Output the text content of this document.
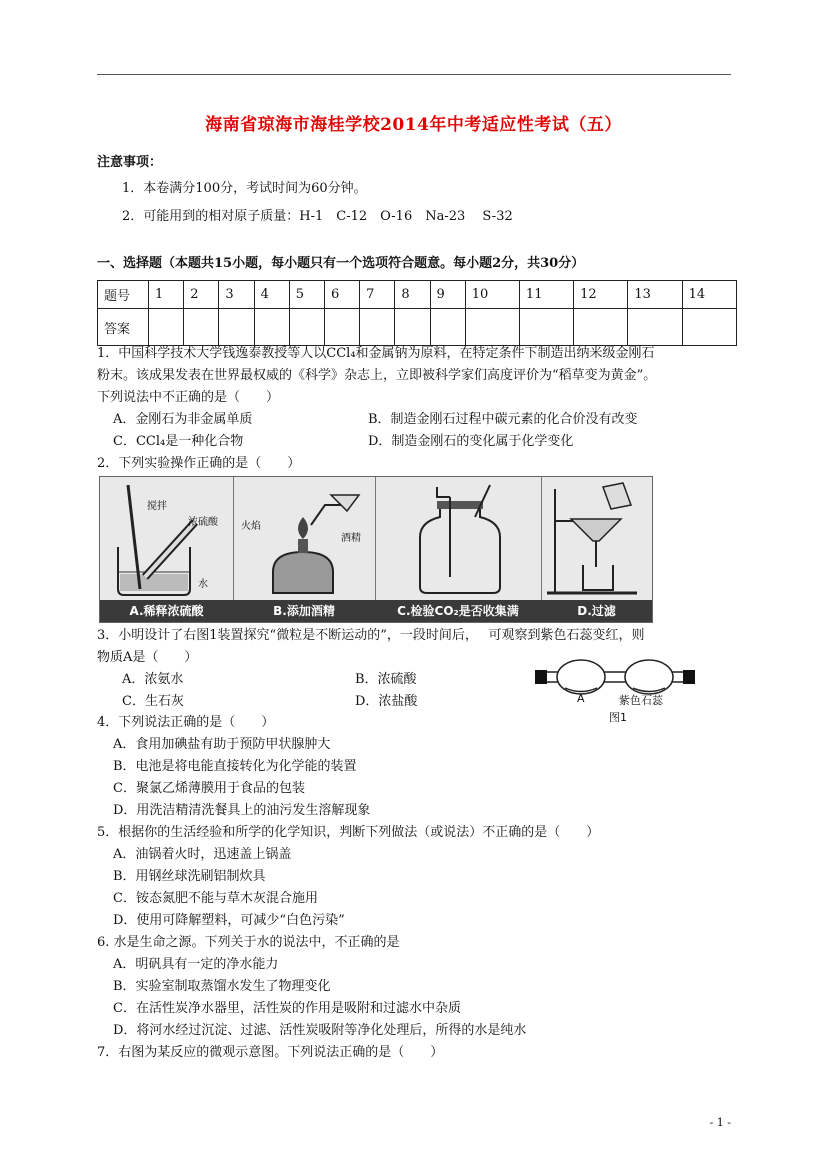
海南省琼海市海桂学校2014年中考适应性考试（五）
注意事项：
1．本卷满分100分，考试时间为60分钟。
2．可能用到的相对原子质量：H-1　C-12　O-16　Na-23　 S-32
一、选择题（本题共15小题，每小题只有一个选项符合题意。每小题2分，共30分）
题号	1	2	3	4	5	6	7	8	9	10	11	12	13	14
答案														
1．中国科学技术大学钱逸泰教授等人以CCl₄和金属钠为原料，在特定条件下制造出纳米级金刚石
粉末。该成果发表在世界最权威的《科学》杂志上，立即被科学家们高度评价为“稻草变为黄金”。
下列说法中不正确的是（　　）
A．金刚石为非金属单质	B．制造金刚石过程中碳元素的化合价没有改变
C．CCl₄是一种化合物	D．制造金刚石的变化属于化学变化
2．下列实验操作正确的是（　　）
搅拌
浓硫酸
水
A.稀释浓硫酸
火焰
酒精
B.添加酒精	C.检验CO₂是否收集满	D.过滤
3．小明设计了右图1装置探究“微粒是不断运动的”，一段时间后，　 可观察到紫色石蕊变红，则
物质A是（　　）
A．浓氨水	B．浓硫酸
C．生石灰	D．浓盐酸	A	紫色石蕊
图1
4．下列说法正确的是（　　）
A．食用加碘盐有助于预防甲状腺肿大
B．电池是将电能直接转化为化学能的装置
C．聚氯乙烯薄膜用于食品的包装
D．用洗洁精清洗餐具上的油污发生溶解现象
5．根据你的生活经验和所学的化学知识，判断下列做法（或说法）不正确的是（　　）
A．油锅着火时，迅速盖上锅盖
B．用钢丝球洗刷铝制炊具
C．铵态氮肥不能与草木灰混合施用
D．使用可降解塑料，可减少“白色污染”
6. 水是生命之源。下列关于水的说法中，不正确的是
A．明矾具有一定的净水能力
B．实验室制取蒸馏水发生了物理变化
C．在活性炭净水器里，活性炭的作用是吸附和过滤水中杂质
D．将河水经过沉淀、过滤、活性炭吸附等净化处理后，所得的水是纯水
7．右图为某反应的微观示意图。下列说法正确的是（　　）
- 1 -
